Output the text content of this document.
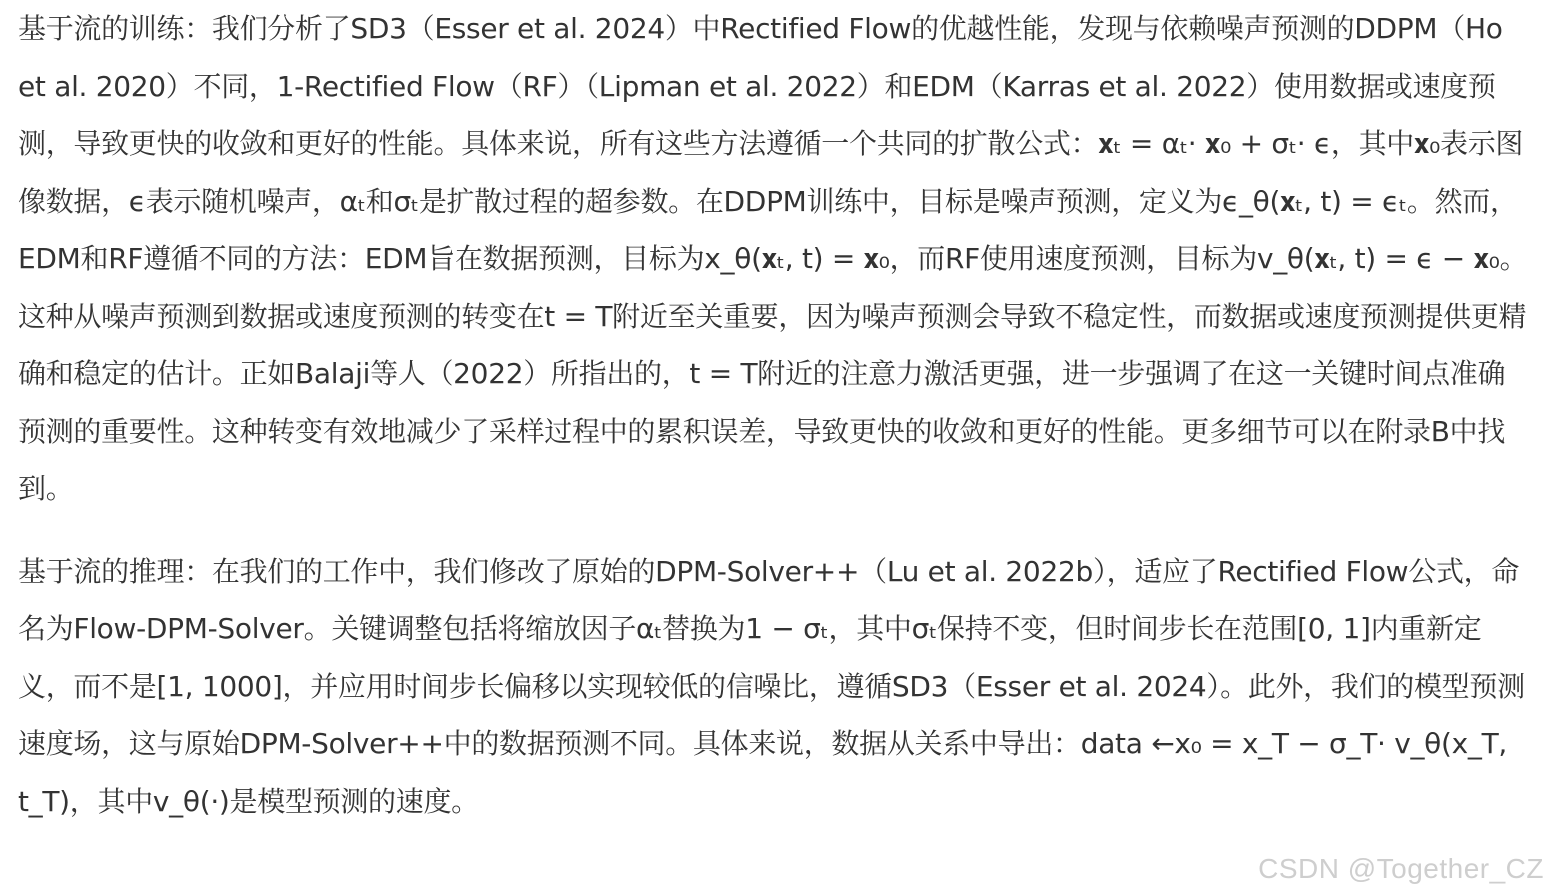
基于流的训练：我们分析了SD3（Esser et al. 2024）中Rectified Flow的优越性能，发现与依赖噪声预测的DDPM（Ho et al. 2020）不同，1-Rectified Flow（RF）（Lipman et al. 2022）和EDM（Karras et al. 2022）使用数据或速度预测，导致更快的收敛和更好的性能。具体来说，所有这些方法遵循一个共同的扩散公式：𝐱ₜ = αₜ· 𝐱₀ + σₜ· ϵ，其中𝐱₀表示图像数据，ϵ表示随机噪声，αₜ和σₜ是扩散过程的超参数。在DDPM训练中，目标是噪声预测，定义为ϵ_θ(𝐱ₜ, t) = ϵₜ。然而，EDM和RF遵循不同的方法：EDM旨在数据预测，目标为x_θ(𝐱ₜ, t) = 𝐱₀，而RF使用速度预测，目标为v_θ(𝐱ₜ, t) = ϵ − 𝐱₀。这种从噪声预测到数据或速度预测的转变在t = T附近至关重要，因为噪声预测会导致不稳定性，而数据或速度预测提供更精确和稳定的估计。正如Balaji等人（2022）所指出的，t = T附近的注意力激活更强，进一步强调了在这一关键时间点准确预测的重要性。这种转变有效地减少了采样过程中的累积误差，导致更快的收敛和更好的性能。更多细节可以在附录B中找到。

基于流的推理：在我们的工作中，我们修改了原始的DPM-Solver++（Lu et al. 2022b），适应了Rectified Flow公式，命名为Flow-DPM-Solver。关键调整包括将缩放因子αₜ替换为1 − σₜ，其中σₜ保持不变，但时间步长在范围[0, 1]内重新定义，而不是[1, 1000]，并应用时间步长偏移以实现较低的信噪比，遵循SD3（Esser et al. 2024）。此外，我们的模型预测速度场，这与原始DPM-Solver++中的数据预测不同。具体来说，数据从关系中导出：data ←x₀ = x_T − σ_T· v_θ(x_T, t_T)，其中v_θ(·)是模型预测的速度。

CSDN @Together_CZ
